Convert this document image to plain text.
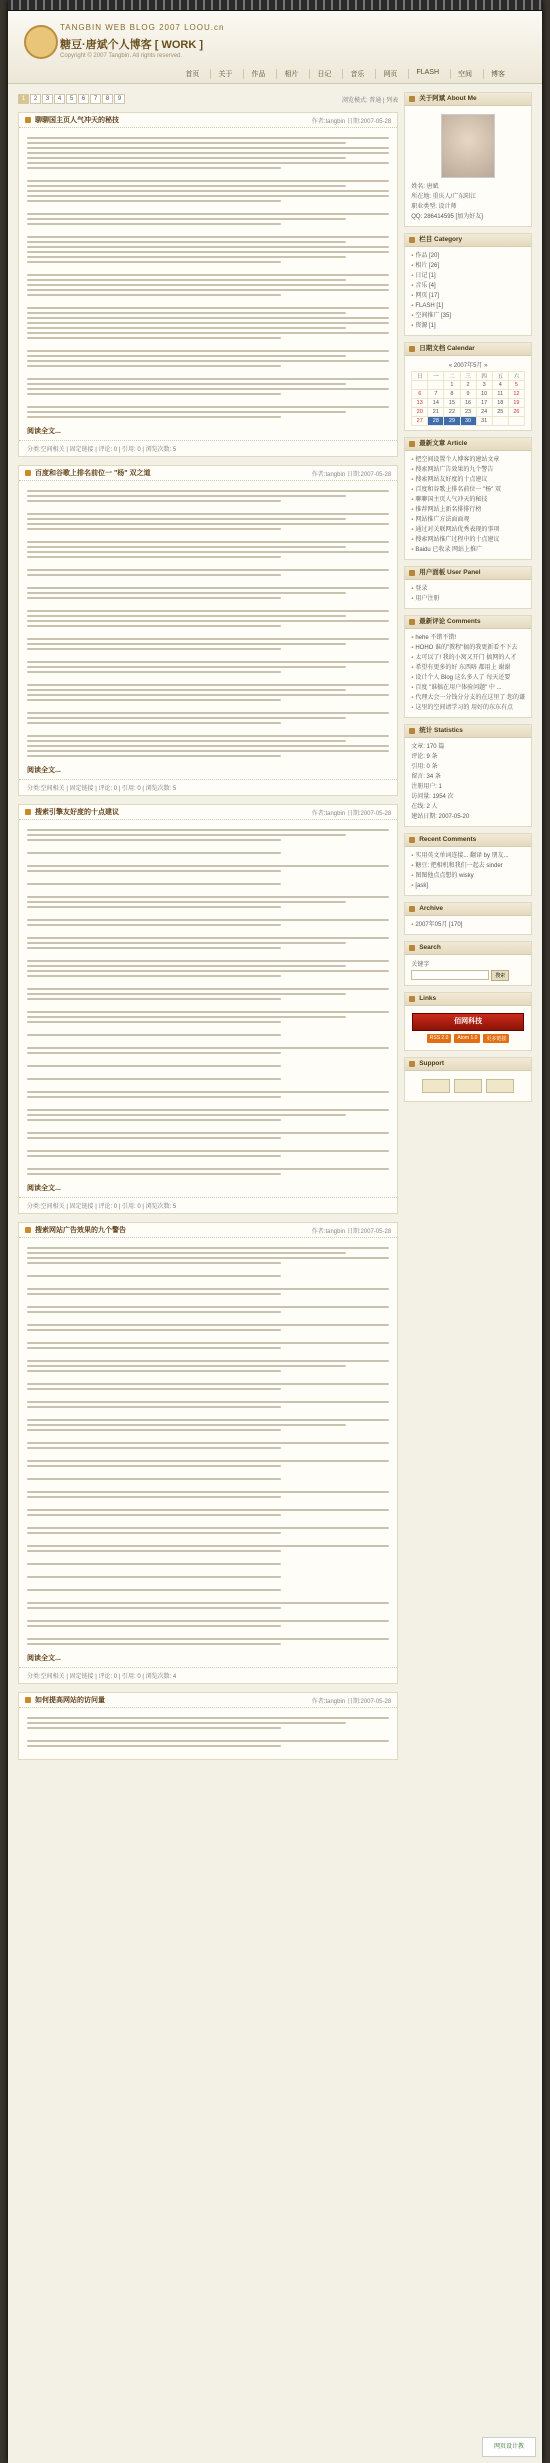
TANGBIN WEB BLOG 2007 LOOU.cn
糖豆·唐斌个人博客 [ WORK ]
Copyright © 2007 Tangbin. All rights reserved.
首页	关于	作品	相片	日记	音乐	网页	FLASH	空间	博客
1	2	3	4	5	6	7	8	9	浏览模式: 普通 | 列表
聊聊国主页人气冲天的秘技	作者:tangbin 日期:2007-05-28
阅读全文...
分类:空间相关 | 固定链接 | 评论: 0 | 引用: 0 | 浏览次数: 5
百度和谷歌上排名前位一 "杨" 双之道	作者:tangbin 日期:2007-05-28
阅读全文...
分类:空间相关 | 固定链接 | 评论: 0 | 引用: 0 | 浏览次数: 5
搜索引擎友好度的十点建议	作者:tangbin 日期:2007-05-28
阅读全文...
分类:空间相关 | 固定链接 | 评论: 0 | 引用: 0 | 浏览次数: 5
搜索网站广告效果的九个警告	作者:tangbin 日期:2007-05-28
阅读全文...
分类:空间相关 | 固定链接 | 评论: 0 | 引用: 0 | 浏览次数: 4
如何提高网站的访问量	作者:tangbin 日期:2007-05-28
关于阿斌 About Me
姓名: 唐斌
所在地: 重庆人/广东阳江
职业类型: 设计师
QQ: 286414595 [加为好友]
栏目 Category
▪ 作品 [20]
▪ 相片 [26]
▪ 日记 [1]
▪ 音乐 [4]
▪ 网页 [17]
▪ FLASH [1]
▪ 空间推广 [35]
▪ 资源 [1]
日期文档 Calendar
« 2007年5月 »
日	一	二	三	四	五	六
		1	2	3	4	5
6	7	8	9	10	11	12
13	14	15	16	17	18	19
20	21	22	23	24	25	26
27	28	29	30	31		
最新文章 Article
▪ 把空间设置个人博客的建站文章
▪ 搜索网站广告效果的九个警告
▪ 搜索网站友好度的十点建议
▪ 百度和谷歌上排名前位一 "杨" 双
▪ 聊聊国主页人气冲天的秘技
▪ 推荐网站上新名排排行榜
▪ 网站推广方法面面观
▪ 通过对关联网站优秀表现的事项
▪ 搜索网站推广过程中的十点建议
▪ Baidu 已收录 网站上推广
用户面板 User Panel
▪ 登录
▪ 用户注册
最新评论 Comments
▪ hehe 不错不错!
▪ HOHO 谁的"教程"搞的我更新看不下去
▪ 太可以了! 我的小窝又开门 搞网的人才
▪ 希望有更多的好 东西咯 都用上 谢谢
▪ 设计个人 Blog 这么多人了 每天还要
▪ 百度 "谁搞在用户体验问题" 中 ...
▪ 代理大会一分钱分分支的在这里了 您的谦
▪ 这里的空间请学习的 用好的东东有点
统计 Statistics
文章: 170 篇
评论: 9 条
引用: 0 条
留言: 34 条
注册用户: 1
访问量: 1954 次
在线: 2 人
建站日期: 2007-05-20
Recent Comments
▪ 实用英文单词连接... 翻译 by 朋友...
▪ 糖豆: 把相机和我们一起去 sinder
▪ 图图他点点想的 wisky
▪ [ask]
Archive
▪ 2007年05月 [170]
Search
关键字
搜索
Links
佰网科技
RSS 2.0	Atom 1.0	更多链接
Support
网页设计教
